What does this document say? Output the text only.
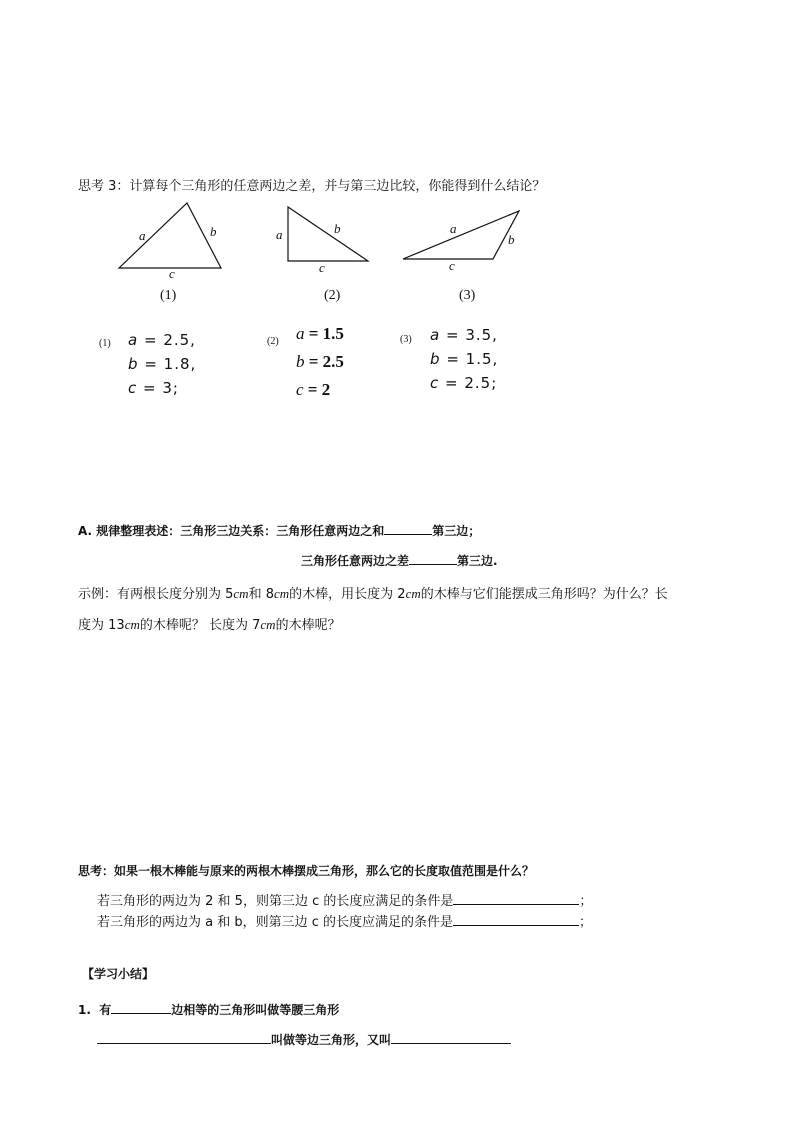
思考 3：计算每个三角形的任意两边之差，并与第三边比较，你能得到什么结论？
a	b
c
a	b
c
a
b
c
(1)	(2)	(3)
(1) a = 2.5,
b = 1.8,
c = 3;
(2) a = 1.5
b = 2.5
c = 2
(3) a = 3.5,
b = 1.5,
c = 2.5;
A. 规律整理表述：三角形三边关系：三角形任意两边之和	第三边；
三角形任意两边之差	第三边.
示例：有两根长度分别为 5cm和 8cm的木棒，用长度为 2cm的木棒与它们能摆成三角形吗？为什么？长
度为 13cm的木棒呢？ 长度为 7cm的木棒呢？
思考：如果一根木棒能与原来的两根木棒摆成三角形，那么它的长度取值范围是什么？
若三角形的两边为 2 和 5，则第三边 c 的长度应满足的条件是	；
若三角形的两边为 a 和 b，则第三边 c 的长度应满足的条件是	；
【学习小结】
1. 有	边相等的三角形叫做等腰三角形
叫做等边三角形，又叫
